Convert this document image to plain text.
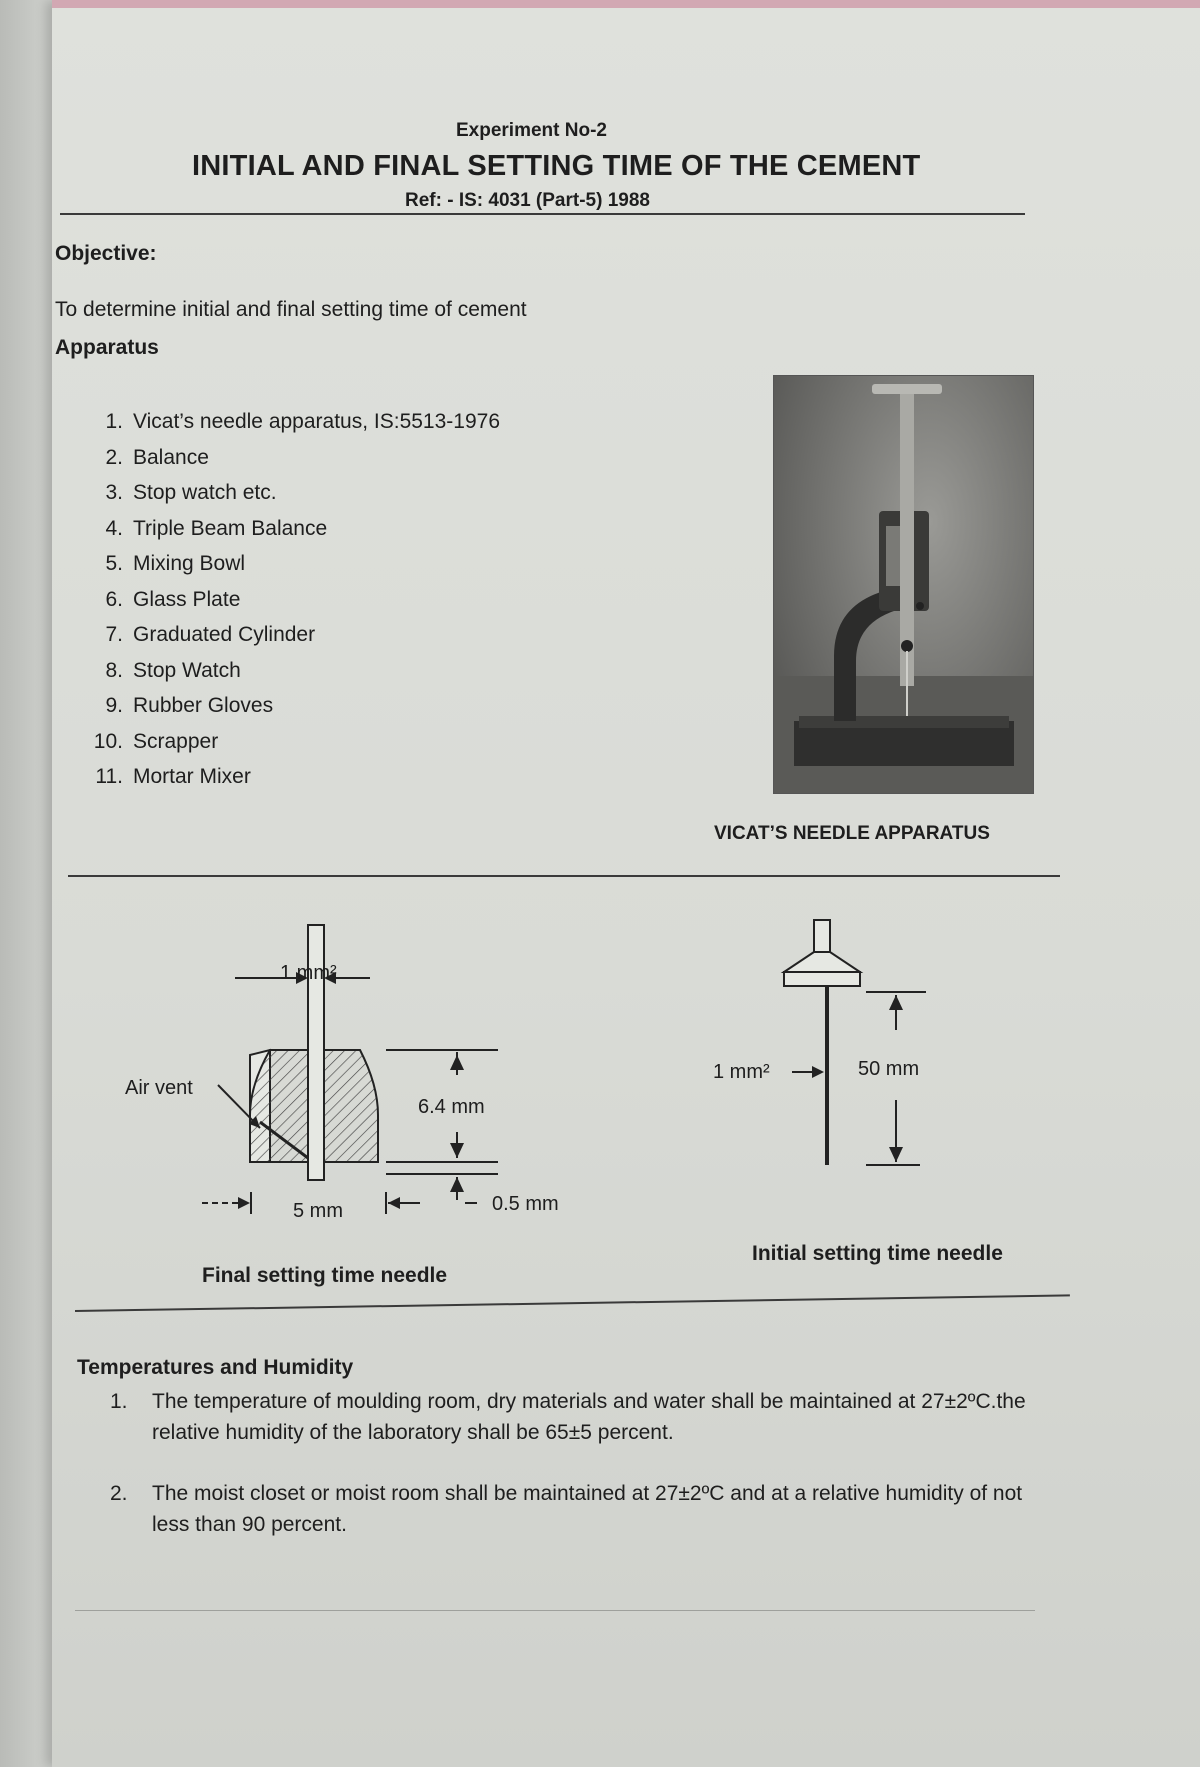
Experiment No-2
INITIAL AND FINAL SETTING TIME OF THE CEMENT
Ref: - IS: 4031 (Part-5) 1988
Objective:
To determine initial and final setting time of cement
Apparatus
1. Vicat’s needle apparatus, IS:5513-1976
2. Balance
3. Stop watch etc.
4. Triple Beam Balance
5. Mixing Bowl
6. Glass Plate
7. Graduated Cylinder
8. Stop Watch
9. Rubber Gloves
10. Scrapper
11. Mortar Mixer
VICAT’S NEEDLE APPARATUS
1 mm²
Air vent
6.4 mm
0.5 mm
5 mm
Final setting time needle
1 mm²	50 mm
Initial setting time needle
Temperatures and Humidity
1. The temperature of moulding room, dry materials and water shall be maintained at 27±2ºC.the relative humidity of the laboratory shall be 65±5 percent.
2. The moist closet or moist room shall be maintained at 27±2ºC and at a relative humidity of not less than 90 percent.
